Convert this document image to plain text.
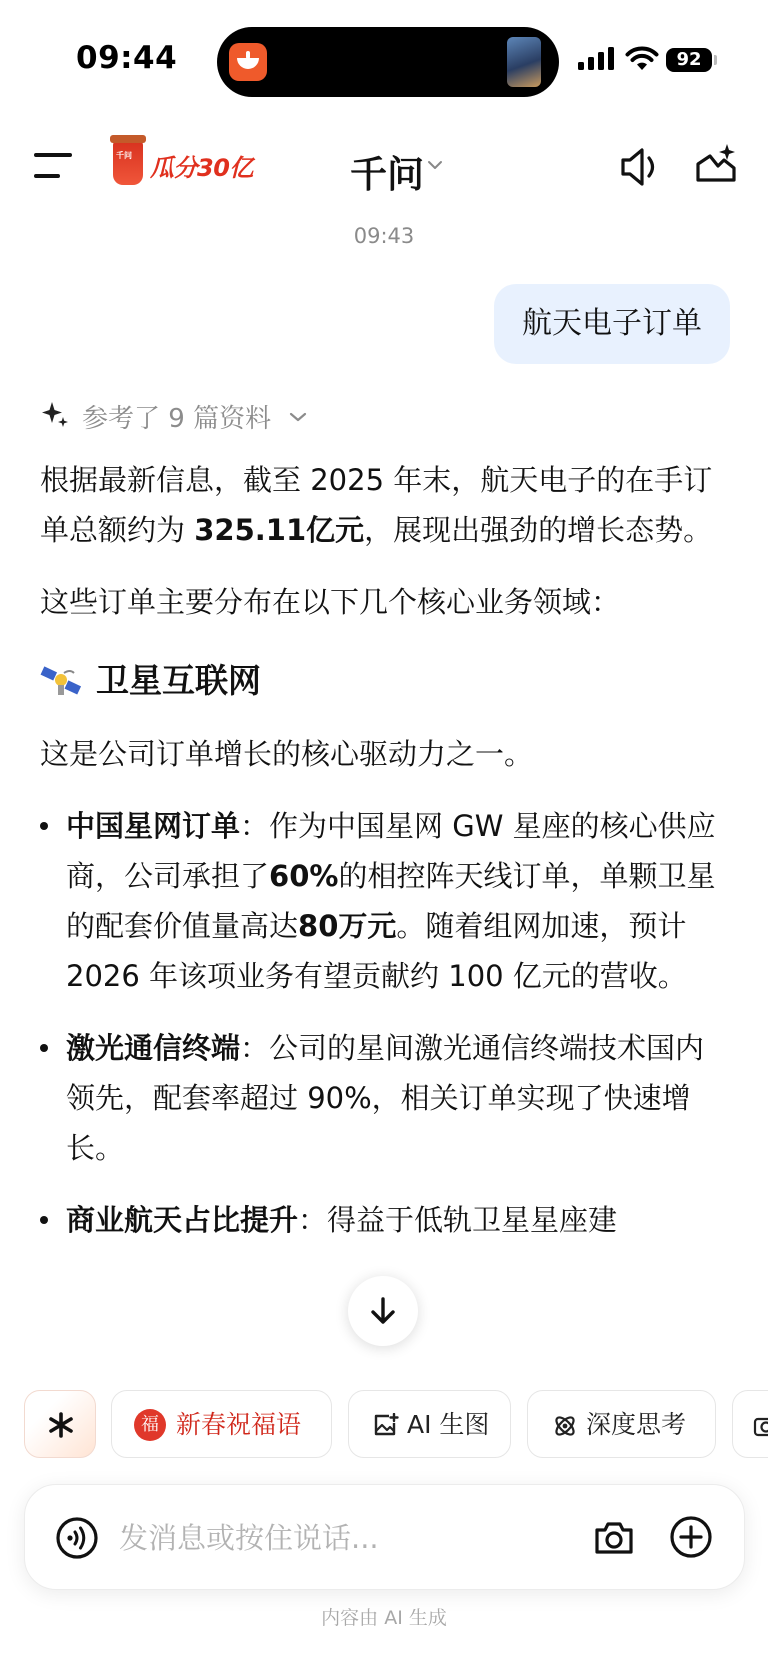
09:44	92
千问 瓜分30亿	千问
09:43
航天电子订单
参考了 9 篇资料

根据最新信息，截至 2025 年末，航天电子的在手订单总额约为 325.11亿元，展现出强劲的增长态势。

这些订单主要分布在以下几个核心业务领域：

卫星互联网

这是公司订单增长的核心驱动力之一。

中国星网订单：作为中国星网 GW 星座的核心供应商，公司承担了60%的相控阵天线订单，单颗卫星的配套价值量高达80万元。随着组网加速，预计 2026 年该项业务有望贡献约 100 亿元的营收。
激光通信终端：公司的星间激光通信终端技术国内领先，配套率超过 90%，相关订单实现了快速增长。
商业航天占比提升：得益于低轨卫星星座建
福 新春祝福语	AI 生图	深度思考
发消息或按住说话...
内容由 AI 生成
